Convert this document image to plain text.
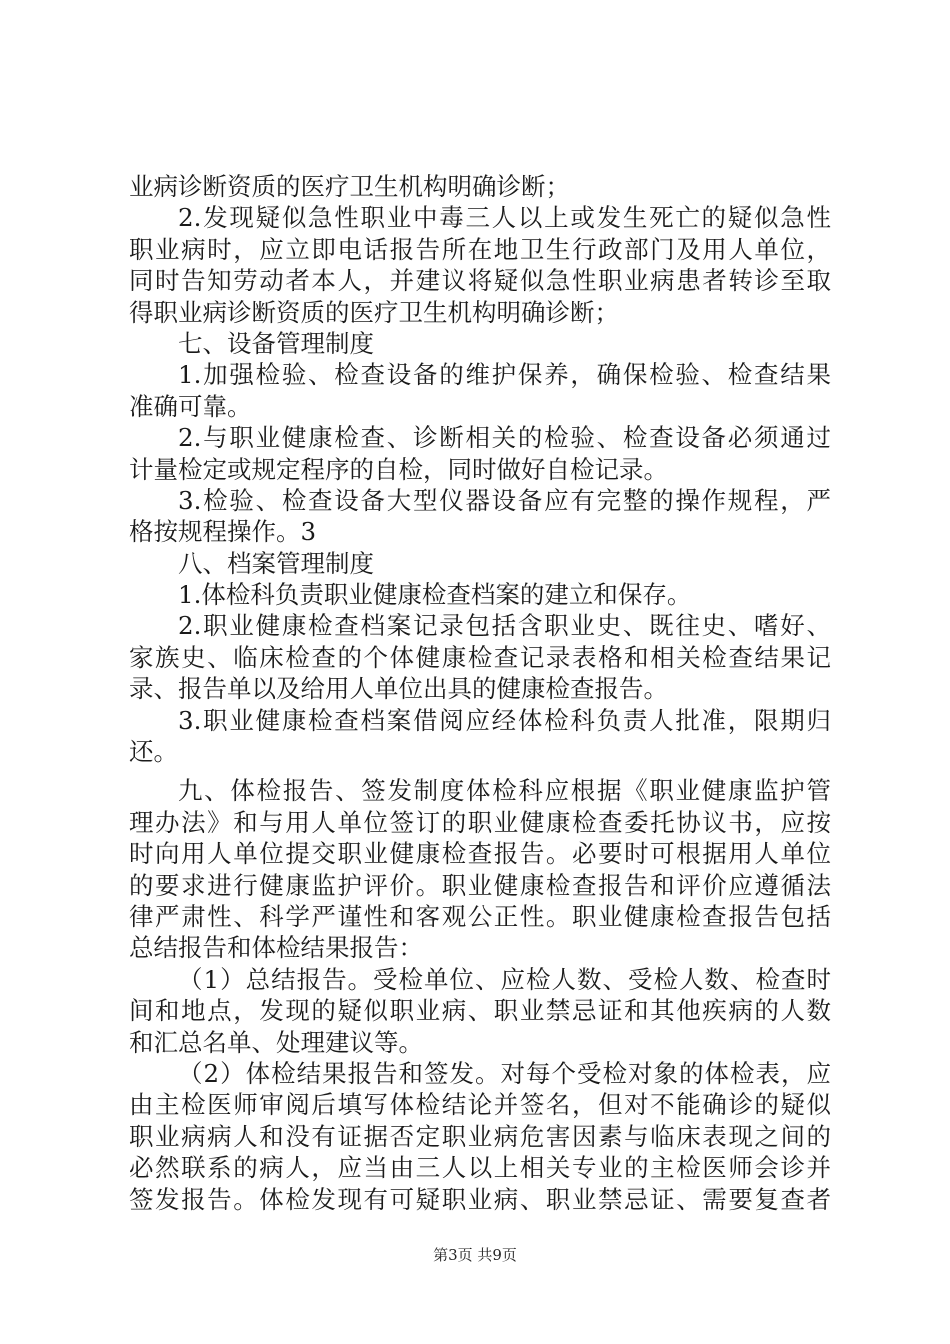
业病诊断资质的医疗卫生机构明确诊断；
2.发现疑似急性职业中毒三人以上或发生死亡的疑似急性
职业病时，应立即电话报告所在地卫生行政部门及用人单位，
同时告知劳动者本人，并建议将疑似急性职业病患者转诊至取
得职业病诊断资质的医疗卫生机构明确诊断；
七、设备管理制度
1.加强检验、检查设备的维护保养，确保检验、检查结果
准确可靠。
2.与职业健康检查、诊断相关的检验、检查设备必须通过
计量检定或规定程序的自检，同时做好自检记录。
3.检验、检查设备大型仪器设备应有完整的操作规程，严
格按规程操作。3
八、档案管理制度
1.体检科负责职业健康检查档案的建立和保存。
2.职业健康检查档案记录包括含职业史、既往史、嗜好、
家族史、临床检查的个体健康检查记录表格和相关检查结果记
录、报告单以及给用人单位出具的健康检查报告。
3.职业健康检查档案借阅应经体检科负责人批准，限期归
还。
九、体检报告、签发制度体检科应根据《职业健康监护管
理办法》和与用人单位签订的职业健康检查委托协议书，应按
时向用人单位提交职业健康检查报告。必要时可根据用人单位
的要求进行健康监护评价。职业健康检查报告和评价应遵循法
律严肃性、科学严谨性和客观公正性。职业健康检查报告包括
总结报告和体检结果报告：
（1）总结报告。受检单位、应检人数、受检人数、检查时
间和地点，发现的疑似职业病、职业禁忌证和其他疾病的人数
和汇总名单、处理建议等。
（2）体检结果报告和签发。对每个受检对象的体检表，应
由主检医师审阅后填写体检结论并签名，但对不能确诊的疑似
职业病病人和没有证据否定职业病危害因素与临床表现之间的
必然联系的病人，应当由三人以上相关专业的主检医师会诊并
签发报告。体检发现有可疑职业病、职业禁忌证、需要复查者
第3页 共9页
